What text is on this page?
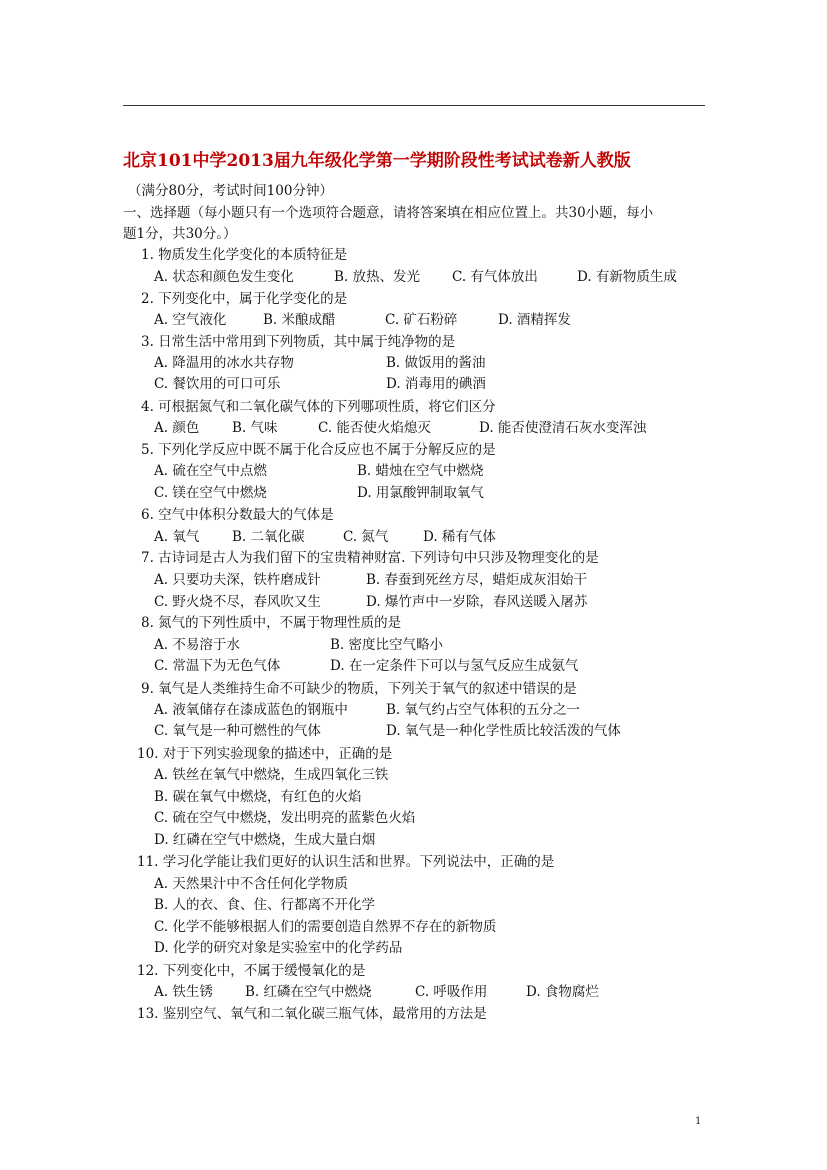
北京101中学2013届九年级化学第一学期阶段性考试试卷新人教版
（满分80分，考试时间100分钟）
一、选择题（每小题只有一个选项符合题意，请将答案填在相应位置上。共30小题，每小
题1分，共30分。）
1. 物质发生化学变化的本质特征是
A. 状态和颜色发生变化	B. 放热、发光 C. 有气体放出	D. 有新物质生成
2. 下列变化中，属于化学变化的是
A. 空气液化	B. 米酿成醋	C. 矿石粉碎	D. 酒精挥发
3. 日常生活中常用到下列物质，其中属于纯净物的是
A. 降温用的冰水共存物	B. 做饭用的酱油
C. 餐饮用的可口可乐	D. 消毒用的碘酒
4. 可根据氮气和二氧化碳气体的下列哪项性质，将它们区分
A. 颜色 B. 气味	C. 能否使火焰熄灭	D. 能否使澄清石灰水变浑浊
5. 下列化学反应中既不属于化合反应也不属于分解反应的是
A. 硫在空气中点燃	B. 蜡烛在空气中燃烧
C. 镁在空气中燃烧	D. 用氯酸钾制取氧气
6. 空气中体积分数最大的气体是
A. 氧气 B. 二氧化碳	C. 氮气	D. 稀有气体
7. 古诗词是古人为我们留下的宝贵精神财富. 下列诗句中只涉及物理变化的是
A. 只要功夫深，铁杵磨成针	B. 春蚕到死丝方尽，蜡炬成灰泪始干
C. 野火烧不尽，春风吹又生	D. 爆竹声中一岁除，春风送暖入屠苏
8. 氮气的下列性质中，不属于物理性质的是
A. 不易溶于水	B. 密度比空气略小
C. 常温下为无色气体	D. 在一定条件下可以与氢气反应生成氨气
9. 氧气是人类维持生命不可缺少的物质，下列关于氧气的叙述中错误的是
A. 液氧储存在漆成蓝色的钢瓶中	B. 氧气约占空气体积的五分之一
C. 氧气是一种可燃性的气体	D. 氧气是一种化学性质比较活泼的气体
10. 对于下列实验现象的描述中，正确的是
A. 铁丝在氧气中燃烧，生成四氧化三铁
B. 碳在氧气中燃烧，有红色的火焰
C. 硫在空气中燃烧，发出明亮的蓝紫色火焰
D. 红磷在空气中燃烧，生成大量白烟
11. 学习化学能让我们更好的认识生活和世界。下列说法中，正确的是
A. 天然果汁中不含任何化学物质
B. 人的衣、食、住、行都离不开化学
C. 化学不能够根据人们的需要创造自然界不存在的新物质
D. 化学的研究对象是实验室中的化学药品
12. 下列变化中，不属于缓慢氧化的是
A. 铁生锈 B. 红磷在空气中燃烧	C. 呼吸作用	D. 食物腐烂
13. 鉴别空气、氧气和二氧化碳三瓶气体，最常用的方法是
1
